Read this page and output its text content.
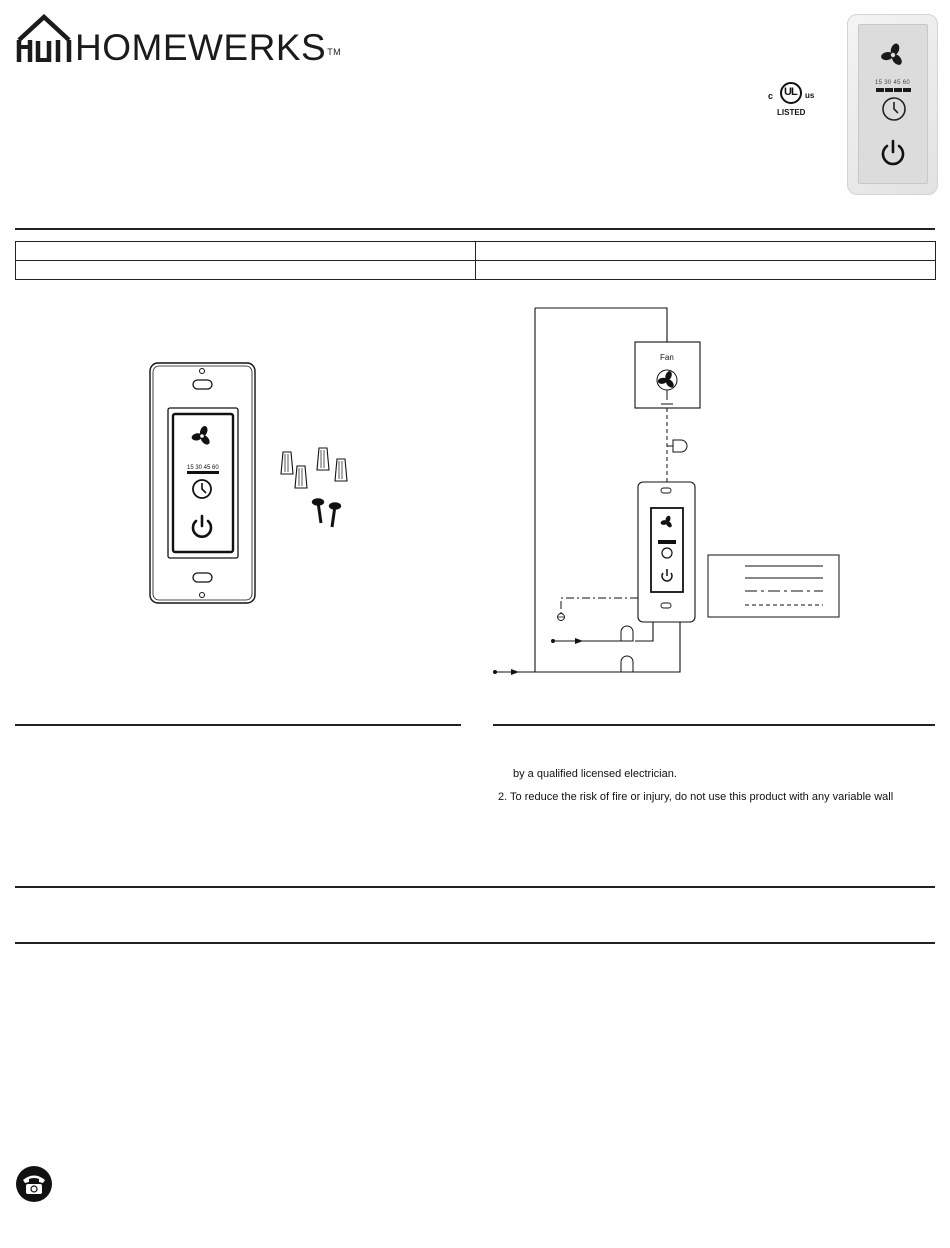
HOMEWERKS™
c UL us
LISTED
15 30 45 60

15 30 45 60
Fan
by a qualified licensed electrician.
2. To reduce the risk of fire or injury, do not use this product with any variable wall
